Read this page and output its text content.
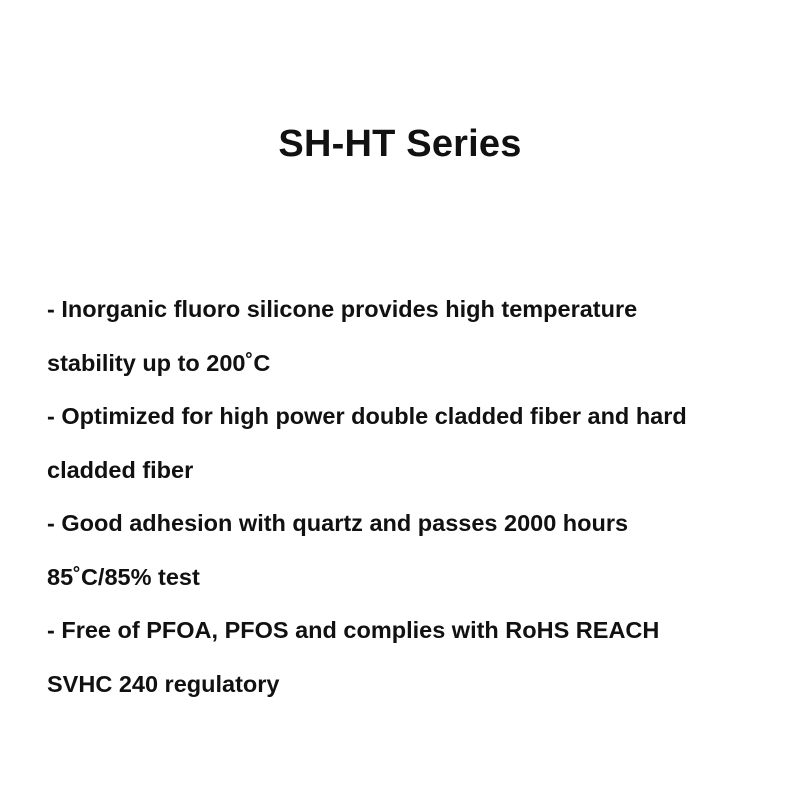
SH-HT Series
- Inorganic fluoro silicone provides high temperature
stability up to 200˚C
- Optimized for high power double cladded fiber and hard
cladded fiber
- Good adhesion with quartz and passes 2000 hours
85˚C/85% test
- Free of PFOA, PFOS and complies with RoHS REACH
SVHC 240 regulatory
